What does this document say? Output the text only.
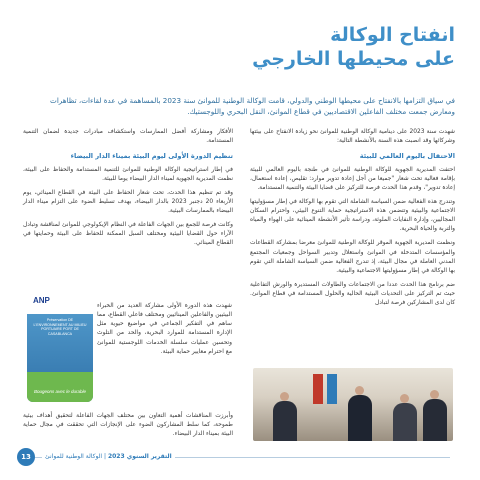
انفتاح الوكالة
على محيطها الخارجي
في سياق التزامها بالانفتاح على محيطها الوطني والدولي، قامت الوكالة الوطنية للموانئ سنة 2023 بالمساهمة في عدة لقاءات، تظاهرات ومعارض جمعت مختلف الفاعلين الاقتصاديين في قطاع الموانئ، النقل البحري واللوجستيك.

شهدت سنة 2023 على دينامية الوكالة الوطنية للموانئ نحو زيادة الانفتاح على بيئتها وشركائها وقد انصبت هذه السنة بالأنشطة التالية:

الاحتفال باليوم العالمي للبيئة

احتفت المديرية الجهوية للوكالة الوطنية للموانئ في طنجة باليوم العالمي للبيئة بإقامة فعالية تحت شعار "جميعا من أجل إعادة تدوير موارد: تقليص، إعادة استعمال، إعادة تدوير"، وقدم هذا الحدث فرصة للتركيز على قضايا البيئة والتنمية المستدامة.

وتندرج هذه الفعالية ضمن السياسة الشاملة التي تقوم بها الوكالة في إطار مسؤوليتها الاجتماعية والبيئية وتتضمن هذه الاستراتيجية حماية التنوع البيئي، واحترام السكان المجاليين، وإدارة النفايات الملوثة، ودراسة تأثير الأنشطة المينائية على الهواء والمياه والتربة والحياة البحرية.

ونظمت المديرية الجهوية الموقر للوكالة الوطنية للموانئ معرضا بمشاركة القطاعات والمؤسسات المتدخلة في الموانئ واستغلال وتدبير السواحل وجمعيات المجتمع المدني العاملة في مجال البيئة، إذ تندرج الفعالية ضمن السياسة الشاملة التي تقوم بها الوكالة في إطار مسؤوليتها الاجتماعية والبيئية.

ضم برنامج هذا الحدث عددا من الاجتماعات والطاولات المستديرة والورش التفاعلية حيث تم التركيز على التحديات البيئية الحالية والحلول المستدامة في قطاع الموانئ. كان لدى المشاركين فرصة لتبادل

الأفكار ومشاركة أفضل الممارسات واستكشاف مبادرات جديدة لضمان التنمية المستدامة.

تنظيم الدورة الأولى ليوم البيئة بميناء الدار البيضاء

في إطار استراتيجية الوكالة الوطنية للموانئ للتنمية المستدامة والحفاظ على البيئة، نظمت المديرية الجهوية لميناء الدار البيضاء يوما للبيئة.

وقد تم تنظيم هذا الحدث، تحت شعار الحفاظ على البيئة في القطاع المينائي، يوم الأربعاء 20 دجنبر 2023 بالدار البيضاء، بهدف تسليط الضوء على التزام ميناء الدار البيضاء بالممارسات البيئية.

وكانت فرصة للجمع بين الجهات الفاعلة في النظام الإيكولوجي للموانئ لمناقشة وتبادل الآراء حول القضايا البيئية ومختلف السبل الممكنة للحفاظ على البيئة وحمايتها في القطاع المينائي.

شهدت هذه الدورة الأولى مشاركة العديد من الخبراء البيئيين والفاعلين المينائيين ومختلف فاعلي القطاع، مما ساهم في التفكير الجماعي في مواضيع حيوية مثل الإدارة المستدامة للموارد البحرية، والحد من التلوث وتحسين عمليات سلسلة الخدمات اللوجستية للموانئ مع احترام معايير حماية البيئة.

وأبرزت المناقشات أهمية التعاون بين مختلف الجهات الفاعلة لتحقيق أهداف بيئية طموحة، كما سلط المشاركون الضوء على الإنجازات التي تحققت في مجال حماية البيئة بميناء الدار البيضاء.

ANP
Préservation DE L'ENVIRONNEMENT AU MILIEU PORTUAIRE PORT DE CASABLANCA
Bougeons avec le durable
13	التقرير السنوي 2023 | الوكالة الوطنية للموانئ
